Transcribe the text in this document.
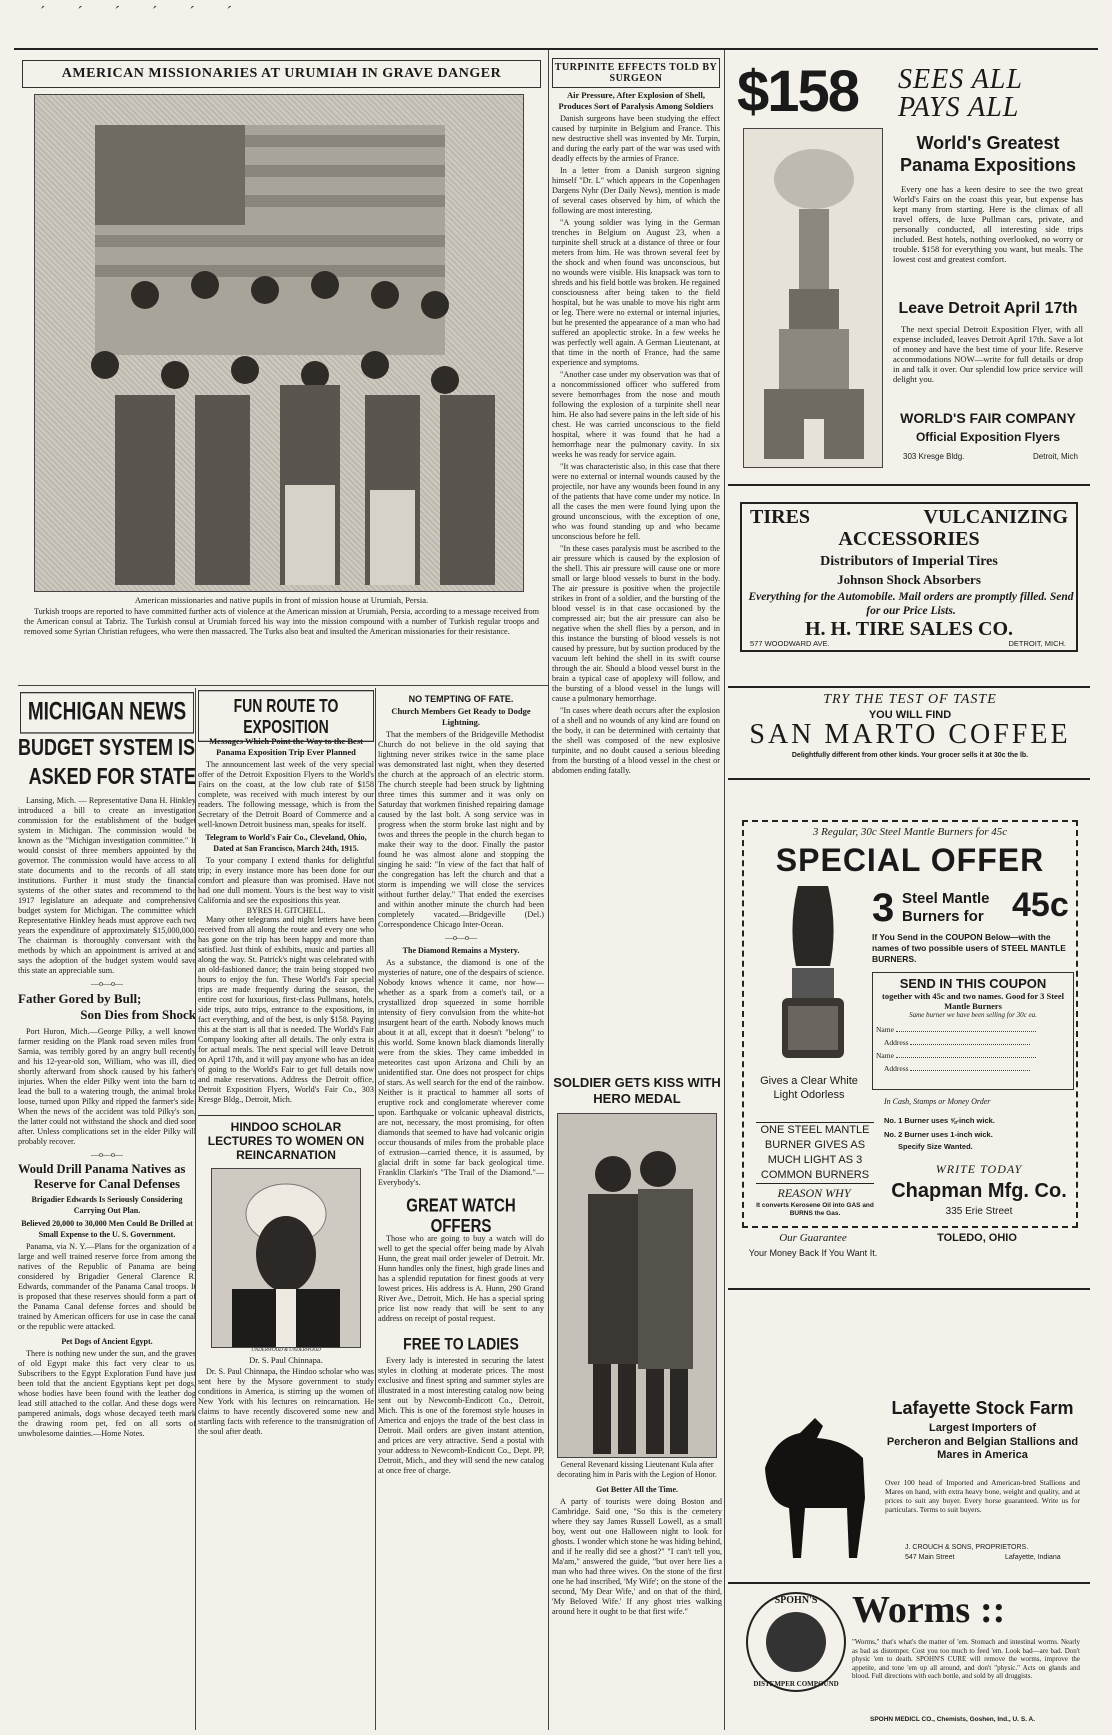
´ ´ ´ ´ ´ ´
AMERICAN MISSIONARIES AT URUMIAH IN GRAVE DANGER
American missionaries and native pupils in front of mission house at Urumiah, Persia.
Turkish troops are reported to have committed further acts of violence at the American mission at Urumiah, Persia, according to a message received from the American consul at Tabriz. The Turkish consul at Urumiah forced his way into the mission compound with a number of Turkish regular troops and removed some Syrian Christian refugees, who were then massacred. The Turks also beat and insulted the American missionaries for their resistance.
TURPINITE EFFECTS TOLD BY SURGEON
Air Pressure, After Explosion of Shell, Produces Sort of Paralysis Among Soldiers

Danish surgeons have been studying the effect caused by turpinite in Belgium and France. This new destructive shell was invented by Mr. Turpin, and during the early part of the war was used with deadly effects by the armies of France.

In a letter from a Danish surgeon signing himself "Dr. L" which appears in the Copenhagen Dargens Nyhr (Der Daily News), mention is made of several cases observed by him, of which the following are most interesting.

"A young soldier was lying in the German trenches in Belgium on August 23, when a turpinite shell struck at a distance of three or four meters from him. He was thrown several feet by the shock and when found was unconscious, but no wounds were visible. His knapsack was torn to shreds and his field bottle was broken. He regained consciousness after being taken to the field hospital, but he was unable to move his right arm or leg. There were no external or internal injuries, but he presented the appearance of a man who had suffered an apoplectic stroke. In a few weeks he was perfectly well again. A German Lieutenant, at that time in the north of France, had the same experience and symptoms.

"Another case under my observation was that of a noncommissioned officer who suffered from severe hemorrhages from the nose and mouth following the explosion of a turpinite shell near him. He also had severe pains in the left side of his chest. He was carried unconscious to the field hospital, where it was found that he had a hemorrhage near the pulmonary cavity. In six weeks he was ready for service again.

"It was characteristic also, in this case that there were no external or internal wounds caused by the projectile, nor have any wounds been found in any of the patients that have come under my notice. In all the cases the men were found lying upon the ground unconscious, with the exception of one, who was found standing up and who became unconscious before he fell.

"In these cases paralysis must be ascribed to the air pressure which is caused by the explosion of the shell. This air pressure will cause one or more small or large blood vessels to burst in the body. The air pressure is positive when the projectile strikes in front of a soldier, and the bursting of the blood vessel is in that case occasioned by the compressed air; but the air pressure can also be negative when the shell flies by a person, and in this instance the bursting of blood vessels is not caused by pressure, but by suction produced by the vacuum left behind the shell in its swift course through the air. Should a blood vessel burst in the brain a typical case of apoplexy will follow, and the bursting of a blood vessel in the lungs will cause a pulmonary hemorrhage.

"In cases where death occurs after the explosion of a shell and no wounds of any kind are found on the body, it can be determined with certainty that the shell was composed of the new explosive turpinite, and no doubt caused a serious bleeding from the bursting of a blood vessel in the chest or abdomen ending fatally.

$158 SEES ALL
PAYS ALL
World's Greatest Panama Expositions
Every one has a keen desire to see the two great World's Fairs on the coast this year, but expense has kept many from starting. Here is the climax of all travel offers, de luxe Pullman cars, private, and personally conducted, all interesting side trips included. Best hotels, nothing overlooked, no worry or trouble. $158 for everything you want, but meals. The lowest cost and greatest comfort.
Leave Detroit April 17th
The next special Detroit Exposition Flyer, with all expense included, leaves Detroit April 17th. Save a lot of money and have the best time of your life. Reserve accommodations NOW—write for full details or drop in and talk it over. Our splendid low price service will delight you.
WORLD'S FAIR COMPANY
Official Exposition Flyers
303 Kresge Bldg.	Detroit, Mich
TIRES	VULCANIZING
ACCESSORIES
Distributors of Imperial Tires
Johnson Shock Absorbers
Everything for the Automobile. Mail orders are promptly filled. Send for our Price Lists.
H. H. TIRE SALES CO.
577 WOODWARD AVE.	DETROIT, MICH.
TRY THE TEST OF TASTE
YOU WILL FIND
SAN MARTO COFFEE
Delightfully different from other kinds. Your grocer sells it at 30c the lb.
3 Regular, 30c Steel Mantle Burners for 45c
SPECIAL OFFER
3 Steel Mantle Burners for 45c
If You Send in the COUPON Below—with the names of two possible users of STEEL MANTLE BURNERS.
SEND IN THIS COUPON
together with 45c and two names. Good for 3 Steel Mantle Burners
Same burner we have been selling for 30c ea.
Name
Address
Name
Address
Gives a Clear White Light Odorless
ONE STEEL MANTLE BURNER GIVES AS MUCH LIGHT AS 3 COMMON BURNERS
In Cash, Stamps or Money Order
No. 1 Burner uses ⅝-inch wick.
No. 2 Burner uses 1-inch wick.
Specify Size Wanted.
REASON WHY
WRITE TODAY
It converts Kerosene Oil into GAS and BURNS the Gas.
Chapman Mfg. Co.
335 Erie Street
Our Guarantee
Your Money Back If You Want It.
TOLEDO, OHIO
Lafayette Stock Farm
Largest Importers of
Percheron and Belgian Stallions and Mares in America
Over 100 head of Imported and American-bred Stallions and Mares on hand, with extra heavy bone, weight and quality, and at prices to suit any buyer. Every horse guaranteed. Write us for particulars. Terms to suit buyers.
J. CROUCH & SONS, PROPRIETORS.
547 Main Street	Lafayette, Indiana
SPOHN'S
DISTEMPER COMPOUND
Worms ::
"Worms," that's what's the matter of 'em. Stomach and intestinal worms. Nearly as bad as distemper. Cost you too much to feed 'em. Look bad—are bad. Don't physic 'em to death. SPOHN'S CURE will remove the worms, improve the appetite, and tone 'em up all around, and don't "physic." Acts on glands and blood. Full directions with each bottle, and sold by all druggists.
SPOHN MEDICL CO., Chemists, Goshen, Ind., U. S. A.
MICHIGAN NEWS
BUDGET SYSTEM IS
ASKED FOR STATE
Lansing, Mich. — Representative Dana H. Hinkley introduced a bill to create an investigation commission for the establishment of the budget system in Michigan. The commission would be known as the "Michigan investigation committee." It would consist of three members appointed by the governor. The commission would have access to all state documents and to the records of all state institutions. Further it must study the financial systems of the other states and recommend to the 1917 legislature an adequate and comprehensive budget system for Michigan. The committee which Representative Hinkley heads must approve each two years the expenditure of approximately $15,000,000. The chairman is thoroughly conversant with the methods by which an appointment is arrived at and says the adoption of the budget system would save this state an appreciable sum.
—o—o—
Father Gored by Bull;
Son Dies from Shock
Port Huron, Mich.—George Pilky, a well known farmer residing on the Plank road seven miles from Sarnia, was terribly gored by an angry bull recently and his 12-year-old son, William, who was ill, died shortly afterward from shock caused by his father's injuries. When the elder Pilky went into the barn to lead the bull to a watering trough, the animal broke loose, turned upon Pilky and ripped the farmer's side. When the news of the accident was told Pilky's son, the latter could not withstand the shock and died soon after. Unless complications set in the elder Pilky will probably recover.
—o—o—
Would Drill Panama Natives as
Reserve for Canal Defenses
Brigadier Edwards Is Seriously Considering Carrying Out Plan.
Believed 20,000 to 30,000 Men Could Be Drilled at Small Expense to the U. S. Government.
Panama, via N. Y.—Plans for the organization of a large and well trained reserve force from among the natives of the Republic of Panama are being considered by Brigadier General Clarence R. Edwards, commander of the Panama Canal troops. It is proposed that these reserves should form a part of the Panama Canal defense forces and should be trained by American officers for use in case the canal or the republic were attacked.
Pet Dogs of Ancient Egypt.
There is nothing new under the sun, and the graves of old Egypt make this fact very clear to us. Subscribers to the Egypt Exploration Fund have just been told that the ancient Egyptians kept pet dogs, whose bodies have been found with the leather dog lead still attached to the collar. And these dogs were pampered animals, dogs whose decayed teeth mark the drawing room pet, fed on all sorts of unwholesome dainties.—Home Notes.
FUN ROUTE TO EXPOSITION
Messages Which Point the Way to the Best Panama Exposition Trip Ever Planned
The announcement last week of the very special offer of the Detroit Exposition Flyers to the World's Fairs on the coast, at the low club rate of $158 complete, was received with much interest by our readers. The following message, which is from the Secretary of the Detroit Board of Commerce and a well-known Detroit business man, speaks for itself.
Telegram to World's Fair Co., Cleveland, Ohio, Dated at San Francisco, March 24th, 1915.
To your company I extend thanks for delightful trip; in every instance more has been done for our comfort and pleasure than was promised. Have not had one dull moment. Yours is the best way to visit California and see the expositions this year.
BYRES H. GITCHELL.
Many other telegrams and night letters have been received from all along the route and every one who has gone on the trip has been happy and more than satisfied. Just think of exhibits, music and parties all along the way. St. Patrick's night was celebrated with an old-fashioned dance; the train being stopped two hours to enjoy the fun. These World's Fair special trips are made frequently during the season, the entire cost for luxurious, first-class Pullmans, hotels, side trips, auto trips, entrance to the expositions, in fact everything, and of the best, is only $158. Paying this at the start is all that is needed. The World's Fair Company looking after all details. The only extra is for actual meals. The next special will leave Detroit on April 17th, and it will pay anyone who has an idea of going to the World's Fair to get full details now and make reservations. Address the Detroit office, Detroit Exposition Flyers, World's Fair Co., 303 Kresge Bldg., Detroit, Mich.
HINDOO SCHOLAR LECTURES TO WOMEN ON REINCARNATION
UNDERWOOD & UNDERWOOD
Dr. S. Paul Chinnapa.
Dr. S. Paul Chinnapa, the Hindoo scholar who was sent here by the Mysore government to study conditions in America, is stirring up the women of New York with his lectures on reincarnation. He claims to have recently discovered some new and startling facts with reference to the transmigration of the soul after death.
NO TEMPTING OF FATE.
Church Members Get Ready to Dodge Lightning.
That the members of the Bridgeville Methodist Church do not believe in the old saying that lightning never strikes twice in the same place was demonstrated last night, when they deserted the church at the approach of an electric storm. The church steeple had been struck by lightning three times this summer and it was only on Saturday that workmen finished repairing damage caused by the last bolt. A song service was in progress when the storm broke last night and by twos and threes the people in the church began to make their way to the door. Finally the pastor found he was almost alone and stopping the singing he said: "In view of the fact that half of the congregation has left the church and that a storm is impending we will close the services without further delay." That ended the exercises and within another minute the church had been completely vacated.—Bridgeville (Del.) Correspondence Chicago Inter-Ocean.
—o—o—
The Diamond Remains a Mystery.
As a substance, the diamond is one of the mysteries of nature, one of the despairs of science. Nobody knows whence it came, nor how—whether as a spark from a comet's tail, or a crystallized drop squeezed in some horrible intensity of fiery convulsion from the white-hot insurgent heart of the earth. Nobody knows much about it at all, except that it doesn't "belong" to this world. Some known black diamonds literally were from the skies. They came imbedded in meteorites cast upon Arizona and Chili by an unidentified star. One does not prospect for chips of stars. As well search for the end of the rainbow. Neither is it practical to hammer all sorts of eruptive rock and conglomerate wherever come upon. Earthquake or volcanic upheaval districts, are not, necessary, the most promising, for often diamonds that seemed to have had volcanic origin occur thousands of miles from the probable place of extrusion—carried thence, it is assumed, by glacial drift in some far back geological time. Franklin Clarkin's "The Trail of the Diamond."—Everybody's.
GREAT WATCH OFFERS
Those who are going to buy a watch will do well to get the special offer being made by Alvah Hunn, the great mail order jeweler of Detroit. Mr. Hunn handles only the finest, high grade lines and has a splendid reputation for finest goods at very lowest prices. His address is A. Hunn, 290 Grand River Ave., Detroit, Mich. He has a special spring price list now ready that will be sent to any address on receipt of postal request.
FREE TO LADIES
Every lady is interested in securing the latest styles in clothing at moderate prices. The most exclusive and finest spring and summer styles are illustrated in a most interesting catalog now being sent out by Newcomb-Endicott Co., Detroit, Mich. This is one of the foremost style houses in America and enjoys the trade of the best class in Detroit. Mail orders are given instant attention, and prices are very attractive. Send a postal with your address to Newcomb-Endicott Co., Dept. PP, Detroit, Mich., and they will send the new catalog at once free of charge.
SOLDIER GETS KISS WITH HERO MEDAL
General Revenard kissing Lieutenant Kula after decorating him in Paris with the Legion of Honor.
Got Better All the Time.
A party of tourists were doing Boston and Cambridge. Said one, "So this is the cemetery where they say James Russell Lowell, as a small boy, went out one Halloween night to look for ghosts. I wonder which stone he was hiding behind, and if he really did see a ghost?" "I can't tell you, Ma'am," answered the guide, "but over here lies a man who had three wives. On the stone of the first one he had inscribed, 'My Wife'; on the stone of the second, 'My Dear Wife,' and on that of the third, 'My Beloved Wife.' If any ghost tries walking around here it ought to be that first wife."
